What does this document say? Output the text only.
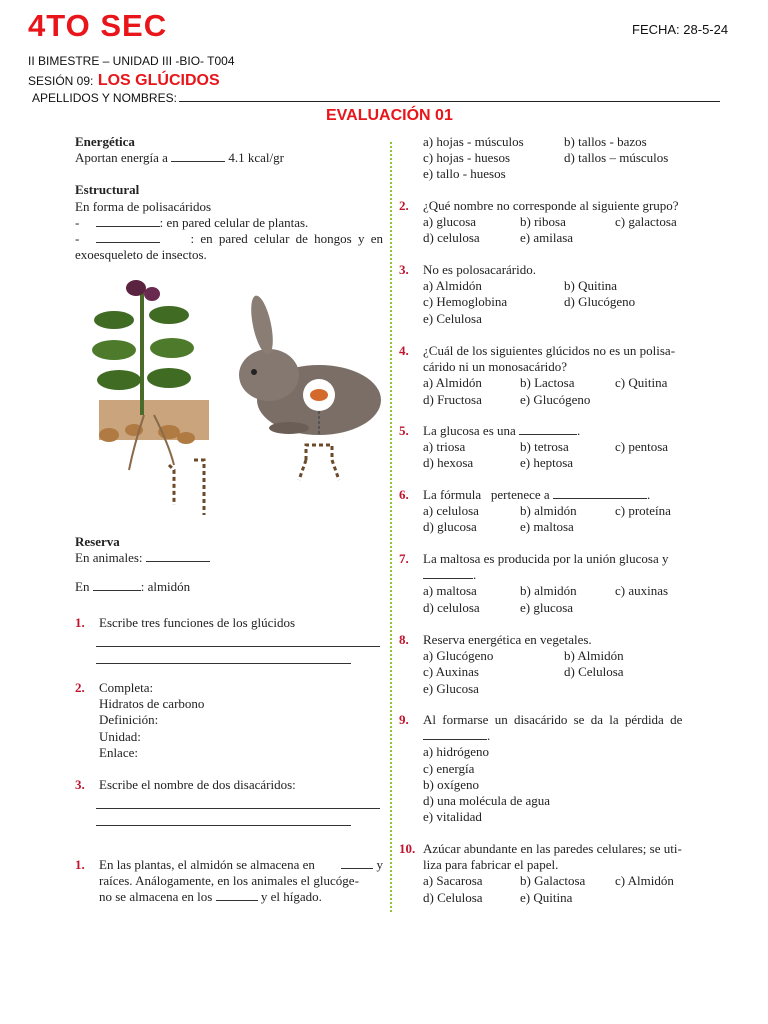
4TO SEC	FECHA: 28-5-24
II BIMESTRE – UNIDAD III -BIO- T004
SESIÓN 09: LOS GLÚCIDOS
APELLIDOS Y NOMBRES:
EVALUACIÓN 01
Energética
Aportan energía a	4.1 kcal/gr
Estructural
En forma de polisacáridos
-	: en pared celular de plantas.
-	: en pared celular de hongos y en
exoesqueleto de insectos.
Reserva
En animales:
En	: almidón
1. Escribe tres funciones de los glúcidos
2. Completa:
Hidratos de carbono
Definición:
Unidad:
Enlace:
3. Escribe el nombre de dos disacáridos:
1. En las plantas, el almidón se almacena en	y
raíces. Análogamente, en los animales el glucóge-
no se almacena en los	y el hígado.
a) hojas - músculos	b) tallos - bazos
c) hojas - huesos	d) tallos – músculos
e) tallo - huesos
2. ¿Qué nombre no corresponde al siguiente grupo?
a) glucosa	b) ribosa	c) galactosa
d) celulosa	e) amilasa
3. No es polosacarárido.
a) Almidón	b) Quitina
c) Hemoglobina	d) Glucógeno
e) Celulosa
4. ¿Cuál de los siguientes glúcidos no es un polisa-
cárido ni un monosacárido?
a) Almidón	b) Lactosa	c) Quitina
d) Fructosa	e) Glucógeno
5. La glucosa es una	.
a) triosa	b) tetrosa	c) pentosa
d) hexosa	e) heptosa
6. La fórmula   pertenece a	.
a) celulosa	b) almidón	c) proteína
d) glucosa	e) maltosa
7. La maltosa es producida por la unión glucosa y
.
a) maltosa	b) almidón	c) auxinas
d) celulosa	e) glucosa
8. Reserva energética en vegetales.
a) Glucógeno	b) Almidón
c) Auxinas	d) Celulosa
e) Glucosa
9. Al formarse un disacárido se da la pérdida de
.
a) hidrógeno
c) energía
b) oxígeno
d) una molécula de agua
e) vitalidad
10. Azúcar abundante en las paredes celulares; se uti-
liza para fabricar el papel.
a) Sacarosa	b) Galactosa	c) Almidón
d) Celulosa	e) Quitina
